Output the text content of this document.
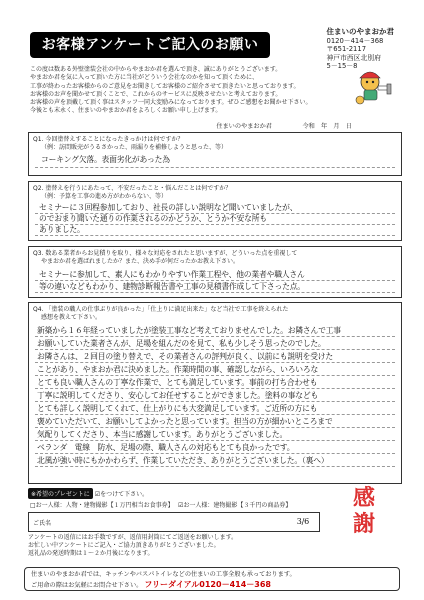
お客様アンケートご記入のお願い
住まいのやまおか君
0120－414－368
〒651-2117
神戸市西区北別府
5－15－8
この度は数ある外壁塗装会社の中からやまおか君を選んで頂き、誠にありがとうございます。
やまおか君を気に入って頂いた方に当社がどういう会社なのかを知って頂くために、
工事が終わったお客様からのご意見をお聞きしてお客様のご紹介させて頂きたいと思っております。
お客様のお声を聞かせて頂くことで、これからのサービスに反映させたいと考えております。
お客様の声を頂戴して頂く事はスタッフ一同大変励みになっております。ぜひご感想をお聞かせ下さい。
今後とも末永く、住まいのやまおか君をよろしくお願い申し上げます。
住まいのやまおか君	令和　年　月　日
Q1. 今回塗替えすることになったきっかけは何ですか？
（例：訪問販売がうるさかった、雨漏りを補修しようと思った、等）
コーキング欠落。表面劣化があった為
Q2. 塗替えを行うにあたって、不安だったこと・悩んだことは何ですか？
（例：予算を工事の進め方がわからない、等）
セミナーに３回程参加しており、社長の詳しい説明など聞いていましたが、
のでおまり聞いた通りの作業されるのかどうか、とうか不安な所も
ありました。
Q3. 数ある業者からお見積りを取り、様々な対応をされたと思いますが、どういった点を重視して
やまおか君を選ばれましたか？また、決め手が何だったかお教え下さい。
セミナーに参加して、素人にもわかりやすい作業工程や、他の業者や職人さん
等の違いなどもわかり、建物診断報告書や工事の見積書作成して下さった点。
Q4. 「塗装の職人の仕事ぶりが良かった」「仕上りに満足出来た」など当社で工事を終えられた
感想を教えて下さい。
新築から１６年経っていましたが塗装工事など考えておりませんでした。お隣さんで工事
お願いしていた業者さんが、足場を組んだのを見て、私も少しそう思ったのでした。
お隣さんは、２回目の塗り替えで、その業者さんの評判が良く、以前にも説明を受けた
ことがあり、やまおか君に決めました。作業時間の事、確認しながら、いろいろな
とても良い職人さんの丁寧な作業で、とても満足しています。事前の打ち合わせも
丁寧に説明してくださり、安心してお任せすることができました。塗料の事なども
とても詳しく説明してくれて、仕上がりにも大変満足しています。ご近所の方にも
褒めていただいて、お願いしてよかったと思っています。担当の方が細かいところまで
気配りしてくださり、本当に感謝しています。ありがとうございました。
ベランダ　電線　防水、足場の際、職人さんの対応もとても良かったです。
北風が強い時にもかかわらず、作業していただき、ありがとうございました。（裏へ）
※希望のプレゼントに ☑をつけて下さい。
□お一人様：人物・建物撮影【１万円相当お食事券】 ☑お一人様：建物撮影【３千円の商品券】
ご氏名	3/6
感
謝
アンケートの返信にはお手数ですが、返信用封筒にてご返送をお願いします。
お忙しい中アンケートにご記入・ご協力頂きありがとうございました。
返礼品の発送時期は１～２か月後になります。
住まいのやまおか君では、キッチンやバスパトイレなどの住まいの工事全般も承っております。
ご用命の際はお気軽にお問合せ下さい。 フリーダイアル0120－414－368
